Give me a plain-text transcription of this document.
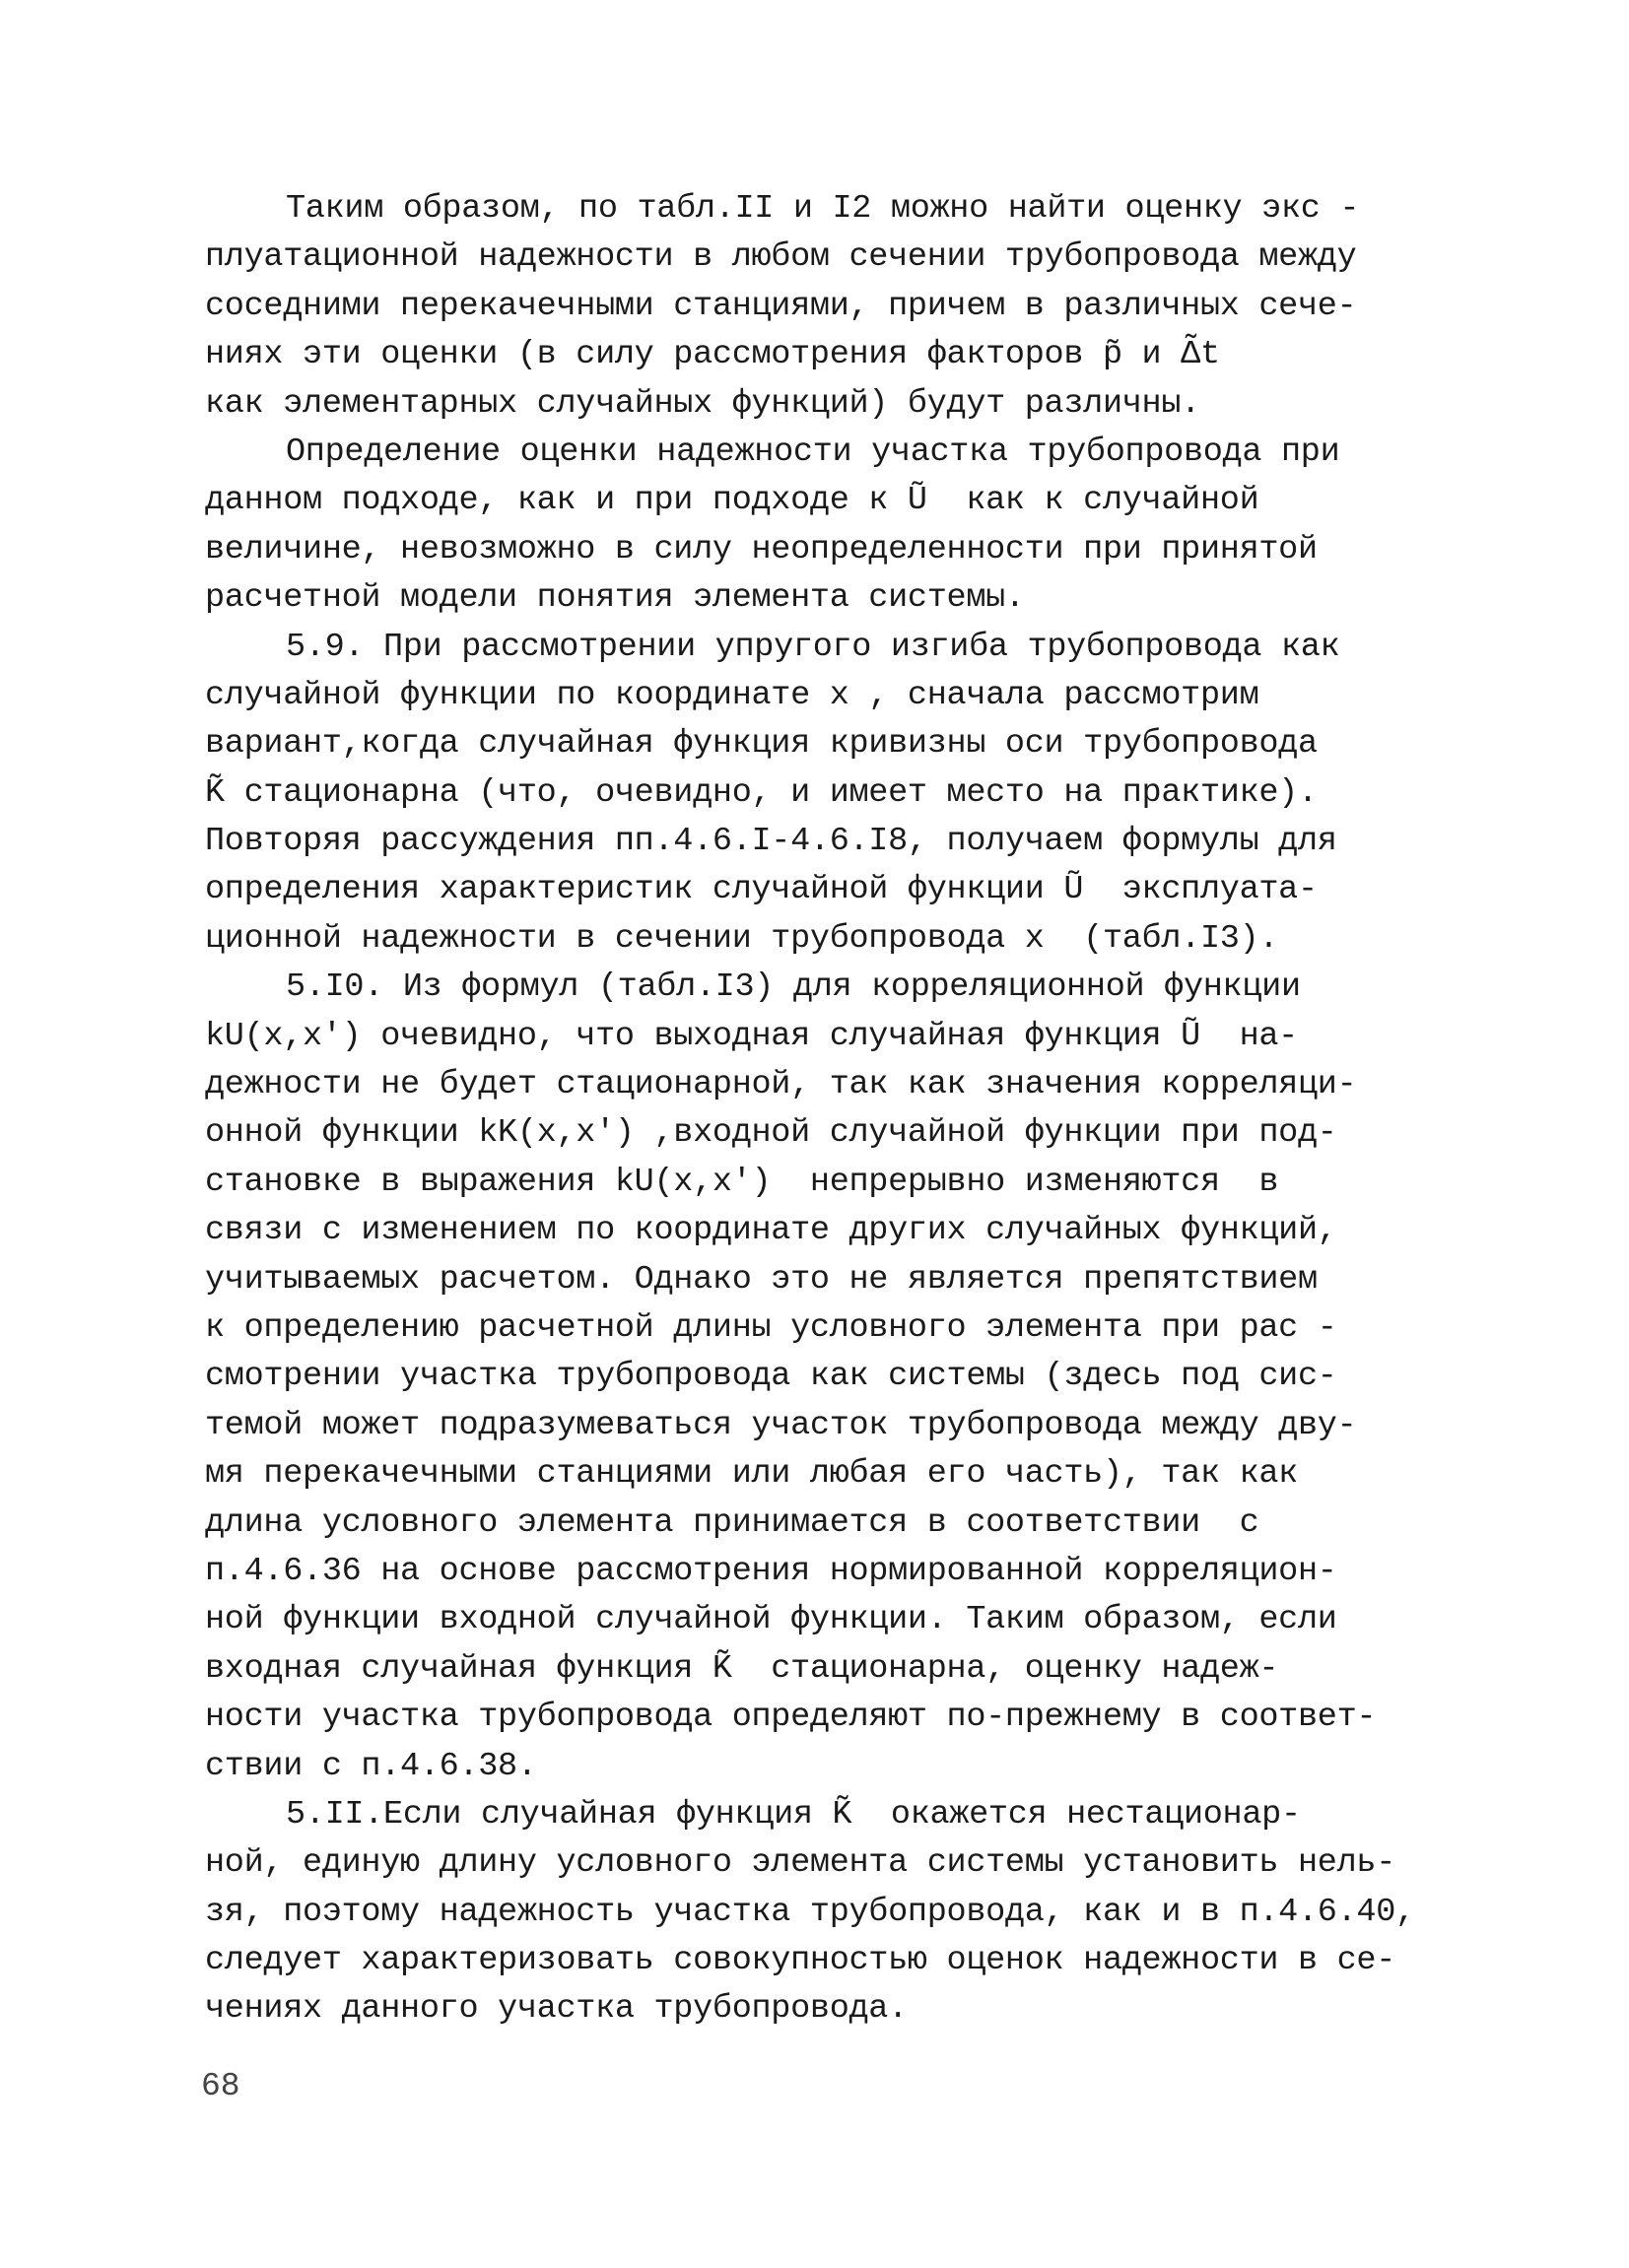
Таким образом, по табл.II и I2 можно найти оценку экс -
плуатационной надежности в любом сечении трубопровода между
соседними перекачечными станциями, причем в различных сече-
ниях эти оценки (в силу рассмотрения факторов p̃ и Δ̃t
как элементарных случайных функций) будут различны.
Определение оценки надежности участка трубопровода при
данном подходе, как и при подходе к Ũ  как к случайной
величине, невозможно в силу неопределенности при принятой
расчетной модели понятия элемента системы.
5.9. При рассмотрении упругого изгиба трубопровода как
случайной функции по координате x , сначала рассмотрим
вариант,когда случайная функция кривизны оси трубопровода
K̃ стационарна (что, очевидно, и имеет место на практике).
Повторяя рассуждения пп.4.6.I-4.6.I8, получаем формулы для
определения характеристик случайной функции Ũ  эксплуата-
ционной надежности в сечении трубопровода x  (табл.I3).
5.I0. Из формул (табл.I3) для корреляционной функции
kU(x,x') очевидно, что выходная случайная функция Ũ  на-
дежности не будет стационарной, так как значения корреляци-
онной функции kK(x,x') ,входной случайной функции при под-
становке в выражения kU(x,x')  непрерывно изменяются  в
связи с изменением по координате других случайных функций,
учитываемых расчетом. Однако это не является препятствием
к определению расчетной длины условного элемента при рас -
смотрении участка трубопровода как системы (здесь под сис-
темой может подразумеваться участок трубопровода между дву-
мя перекачечными станциями или любая его часть), так как
длина условного элемента принимается в соответствии  с
п.4.6.36 на основе рассмотрения нормированной корреляцион-
ной функции входной случайной функции. Таким образом, если
входная случайная функция K̃  стационарна, оценку надеж-
ности участка трубопровода определяют по-прежнему в соответ-
ствии с п.4.6.38.
5.II.Если случайная функция K̃  окажется нестационар-
ной, единую длину условного элемента системы установить нель-
зя, поэтому надежность участка трубопровода, как и в п.4.6.40,
следует характеризовать совокупностью оценок надежности в се-
чениях данного участка трубопровода.
68
